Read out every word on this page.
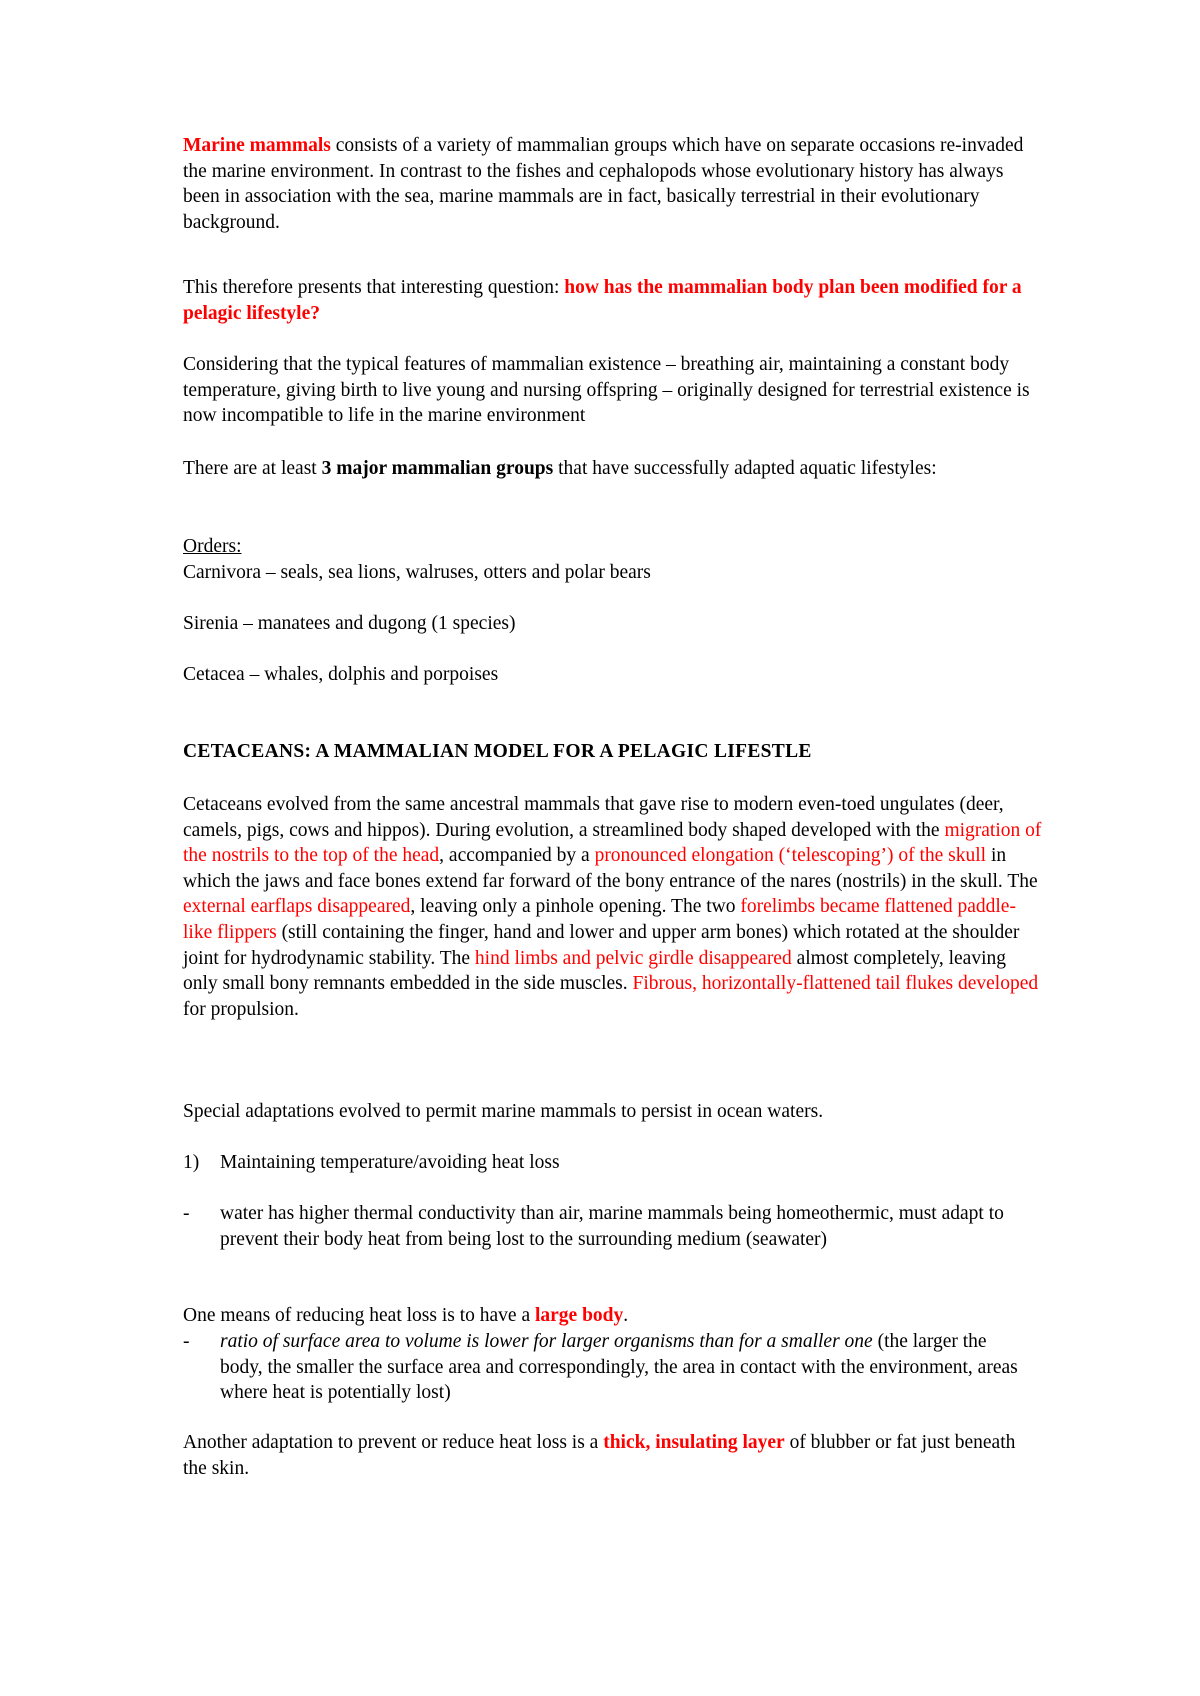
Marine mammals consists of a variety of mammalian groups which have on separate occasions re-invaded the marine environment. In contrast to the fishes and cephalopods whose evolutionary history has always been in association with the sea, marine mammals are in fact, basically terrestrial in their evolutionary background.

This therefore presents that interesting question: how has the mammalian body plan been modified for a pelagic lifestyle?

Considering that the typical features of mammalian existence – breathing air, maintaining a constant body temperature, giving birth to live young and nursing offspring – originally designed for terrestrial existence is now incompatible to life in the marine environment

There are at least 3 major mammalian groups that have successfully adapted aquatic lifestyles:

Orders:

Carnivora – seals, sea lions, walruses, otters and polar bears

Sirenia – manatees and dugong (1 species)

Cetacea – whales, dolphis and porpoises

CETACEANS: A MAMMALIAN MODEL FOR A PELAGIC LIFESTLE

Cetaceans evolved from the same ancestral mammals that gave rise to modern even-toed ungulates (deer, camels, pigs, cows and hippos). During evolution, a streamlined body shaped developed with the migration of the nostrils to the top of the head, accompanied by a pronounced elongation (‘telescoping’) of the skull in which the jaws and face bones extend far forward of the bony entrance of the nares (nostrils) in the skull. The external earflaps disappeared, leaving only a pinhole opening. The two forelimbs became flattened paddle-like flippers (still containing the finger, hand and lower and upper arm bones) which rotated at the shoulder joint for hydrodynamic stability. The hind limbs and pelvic girdle disappeared almost completely, leaving only small bony remnants embedded in the side muscles. Fibrous, horizontally-flattened tail flukes developed for propulsion.

Special adaptations evolved to permit marine mammals to persist in ocean waters.

1) Maintaining temperature/avoiding heat loss
- water has higher thermal conductivity than air, marine mammals being homeothermic, must adapt to prevent their body heat from being lost to the surrounding medium (seawater)

One means of reducing heat loss is to have a large body.

- ratio of surface area to volume is lower for larger organisms than for a smaller one (the larger the body, the smaller the surface area and correspondingly, the area in contact with the environment, areas where heat is potentially lost)

Another adaptation to prevent or reduce heat loss is a thick, insulating layer of blubber or fat just beneath the skin.
